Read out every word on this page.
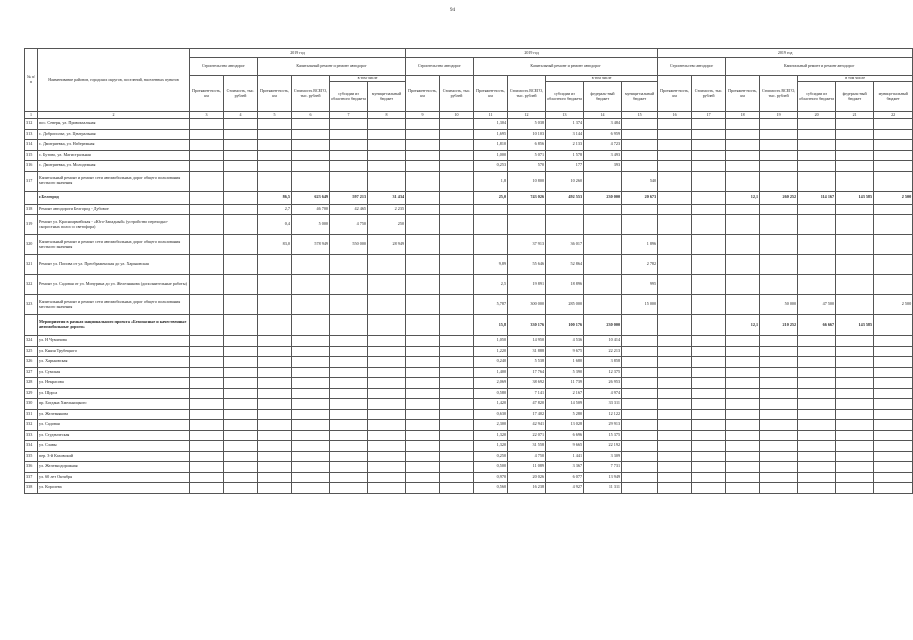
94
№ п/п	Наименование районов, городских округов, поселений, населенных пунктов	2019 год						2019 год							2019 год						
		Строительство автодорог		Капитальный ремонт и ремонт автодорог				Строительство автодорог		Капитальный ремонт и ремонт автодорог					Строительство автодорог		Капитальный ремонт и ремонт автодорог				
		Протяжен-ность, км	Стоимость, тыс. рублей	Протяжен-ность, км	Стоимость ВСЕГО, тыс. рублей	в том числе		Протяжен-ность, км	Стоимость, тыс. рублей	Протяжен-ность, км	Стоимость ВСЕГО, тыс. рублей	в том числе			Протяжен-ность, км	Стоимость, тыс. рублей	Протяжен-ность, км	Стоимость ВСЕГО, тыс. рублей	в том числе		
						субсидии из областного бюджета	муници-пальный бюджет					субсидии из областного бюджета	федераль-ный бюджет	муници-пальный бюджет					субсидии из областного бюджета	федераль-ный бюджет	муници-пальный бюджет
1	2	3	4	5	6	7	8	9	10	11	12	13	14	15	16	17	18	19	20	21	22
312	пос. Северн, ул. Привокзальная									1,304	5 038	1 374	3 484								
313	с. Доброполье, ул. Центральная									1,695	10 103	3 144	6 959								
314	с. Дмитриевка, ул. Набережная									1,810	6 856	2 133	4 723								
315	с. Бутово, ул. Магистральная									1,000	5 071	1 578	3 493								
316	с. Дмитриевка, ул. Молодежная									0,253	570	177	393								
317	Капитальный ремонт и ремонт сети автомобильных дорог общего пользования местного значения									1,8	10 800	10 260		540							
	г.Белгород			86,5	623 649	597 213	31 434			25,0	743 026	492 553	230 000	20 673			12,1	260 252	114 167	143 585	2 500
318	Ремонт автодороги Белгород - Дубовое			2,7	46 700	42 465	2 235														
319	Ремонт ул. Красноармейская - «Юго-Западный» (устройство переходно-скоростных полос и светофора)			0,4	5 000	4 750	250														
320	Капитальный ремонт и ремонт сети автомобильных дорог общего пользования местного значения			83,0	578 949	550 000	28 949				37 913	36 017		1 896							
321	Ремонт ул. Попова от ул. Преображенская до ул. Харьковская									9,89	55 646	52 864		2 782							
322	Ремонт ул. Садовая от ул. Мичурина до ул. Железнякова (дополнительные работы)									2,5	19 891	18 896		995							
323	Капитальный ремонт и ремонт сети автомобильных дорог общего пользования местного значения									5,787	300 000	285 000		15 000				50 000	47 500		2 500
	Мероприятия в рамках национального проекта «Безопасные и качественные автомобильные дороги»									15,8	330 176	100 176	230 000				12,1	210 252	66 667	143 585	
324	ул. Н Чумичова									1,050	14 950	4 536	10 414								
325	ул. Князя Трубецкого									1,220	31 888	9 675	22 213								
326	ул. Харьковская									0,240	5 538	1 680	3 858								
327	ул. Сумская									1,400	17 764	5 390	12 375								
328	ул. Некрасова									2,069	38 692	11 739	26 953								
329	ул. Щорса									0,580	7 141	2 167	4 974								
330	пр. Богдана Хмельницкого									1,420	47 820	14 509	33 311								
331	ул. Железнякова									0,630	17 402	5 280	12 122								
332	ул. Садовая									2,300	42 941	13 028	29 913								
333	ул. Студенческая									1,320	22 071	6 696	15 375								
334	ул. Славы									1,320	31 558	9 665	22 192								
335	пер. 3-й Каховский									0,250	4 750	1 441	3 309								
336	ул. Железнодорожная									0,500	11 089	3 367	7 731								
337	ул. 60 лет Октября									0,970	20 026	6 077	13 949								
338	ул. Королева									0,560	16 238	4 927	11 311								
